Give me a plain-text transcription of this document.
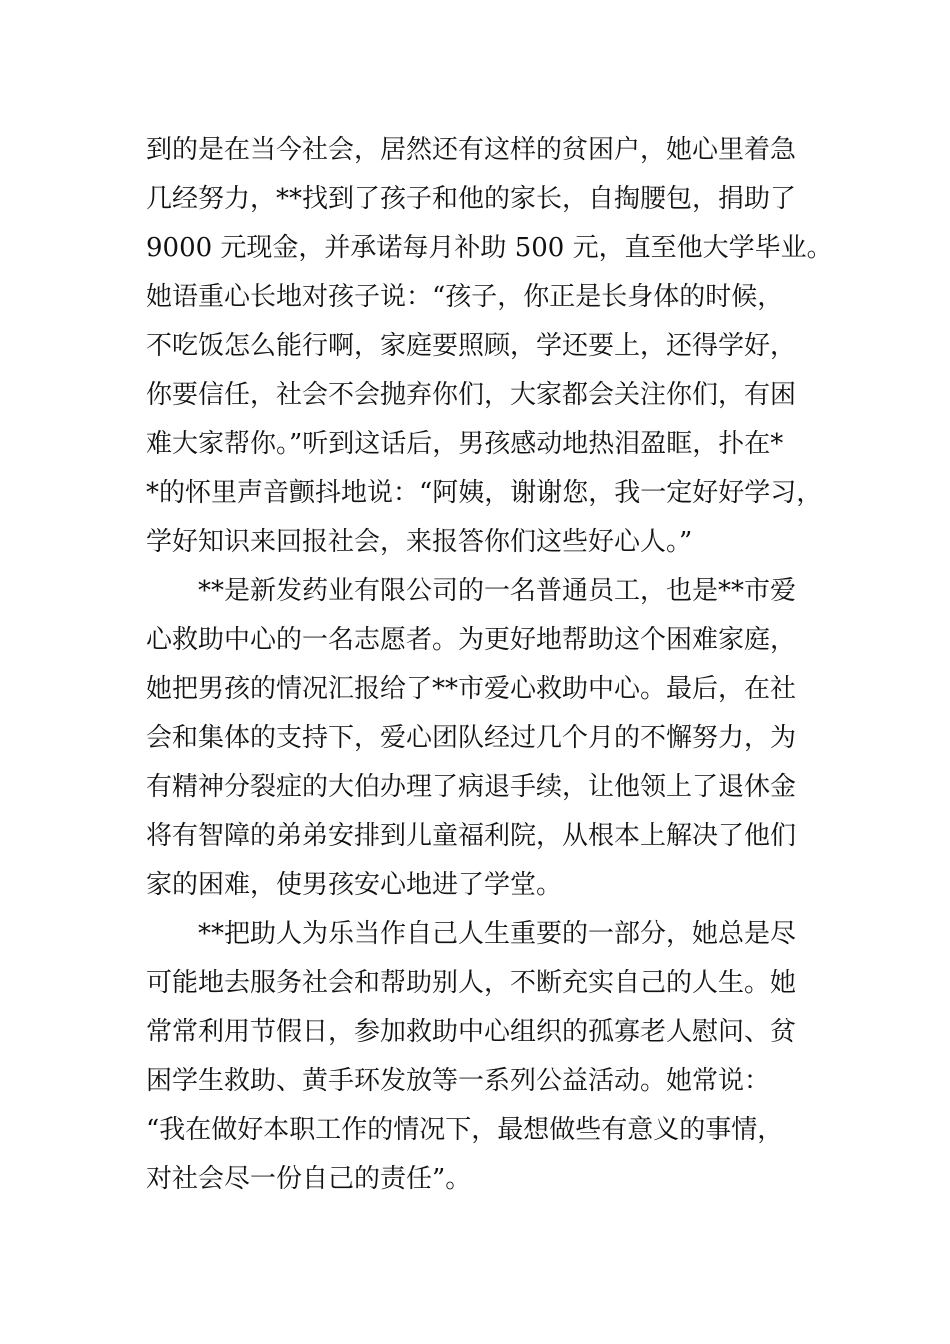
到的是在当今社会，居然还有这样的贫困户，她心里着急
几经努力，**找到了孩子和他的家长，自掏腰包，捐助了
9000 元现金，并承诺每月补助 500 元，直至他大学毕业。
她语重心长地对孩子说：“孩子，你正是长身体的时候，
不吃饭怎么能行啊，家庭要照顾，学还要上，还得学好，
你要信任，社会不会抛弃你们，大家都会关注你们，有困
难大家帮你。”听到这话后，男孩感动地热泪盈眶，扑在*
*的怀里声音颤抖地说：“阿姨，谢谢您，我一定好好学习，
学好知识来回报社会，来报答你们这些好心人。”
**是新发药业有限公司的一名普通员工，也是**市爱
心救助中心的一名志愿者。为更好地帮助这个困难家庭，
她把男孩的情况汇报给了**市爱心救助中心。最后，在社
会和集体的支持下，爱心团队经过几个月的不懈努力，为
有精神分裂症的大伯办理了病退手续，让他领上了退休金
将有智障的弟弟安排到儿童福利院，从根本上解决了他们
家的困难，使男孩安心地进了学堂。
**把助人为乐当作自己人生重要的一部分，她总是尽
可能地去服务社会和帮助别人，不断充实自己的人生。她
常常利用节假日，参加救助中心组织的孤寡老人慰问、贫
困学生救助、黄手环发放等一系列公益活动。她常说：
“我在做好本职工作的情况下，最想做些有意义的事情，
对社会尽一份自己的责任”。
